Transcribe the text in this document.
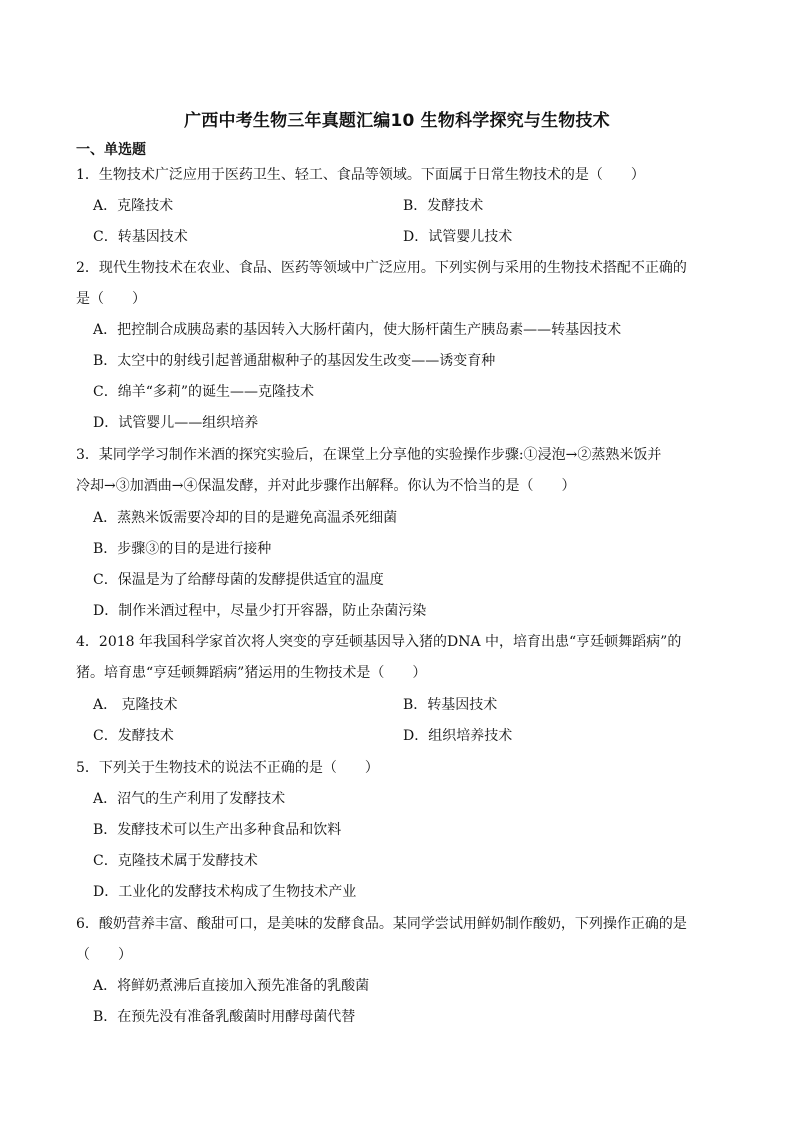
广西中考生物三年真题汇编10 生物科学探究与生物技术
一、单选题
1．生物技术广泛应用于医药卫生、轻工、食品等领域。下面属于日常生物技术的是（　　）
A．克隆技术	B．发酵技术
C．转基因技术	D．试管婴儿技术
2．现代生物技术在农业、食品、医药等领域中广泛应用。下列实例与采用的生物技术搭配不正确的
是（　　）
A．把控制合成胰岛素的基因转入大肠杆菌内，使大肠杆菌生产胰岛素——转基因技术
B．太空中的射线引起普通甜椒种子的基因发生改变——诱变育种
C．绵羊“多莉”的诞生——克隆技术
D．试管婴儿——组织培养
3．某同学学习制作米酒的探究实验后，在课堂上分享他的实验操作步骤:①浸泡→②蒸熟米饭并
冷却→③加酒曲→④保温发酵，并对此步骤作出解释。你认为不恰当的是（　　）
A．蒸熟米饭需要冷却的目的是避免高温杀死细菌
B．步骤③的目的是进行接种
C．保温是为了给酵母菌的发酵提供适宜的温度
D．制作米酒过程中，尽量少打开容器，防止杂菌污染
4．2018 年我国科学家首次将人突变的亨廷顿基因导入猪的DNA 中，培育出患“亨廷顿舞蹈病”的
猪。培育患“亨廷顿舞蹈病”猪运用的生物技术是（　　）
A． 克隆技术	B．转基因技术
C．发酵技术	D．组织培养技术
5．下列关于生物技术的说法不正确的是（　　）
A．沼气的生产利用了发酵技术
B．发酵技术可以生产出多种食品和饮料
C．克隆技术属于发酵技术
D．工业化的发酵技术构成了生物技术产业
6．酸奶营养丰富、酸甜可口，是美味的发酵食品。某同学尝试用鲜奶制作酸奶，下列操作正确的是
（　　）
A．将鲜奶煮沸后直接加入预先准备的乳酸菌
B．在预先没有准备乳酸菌时用酵母菌代替
